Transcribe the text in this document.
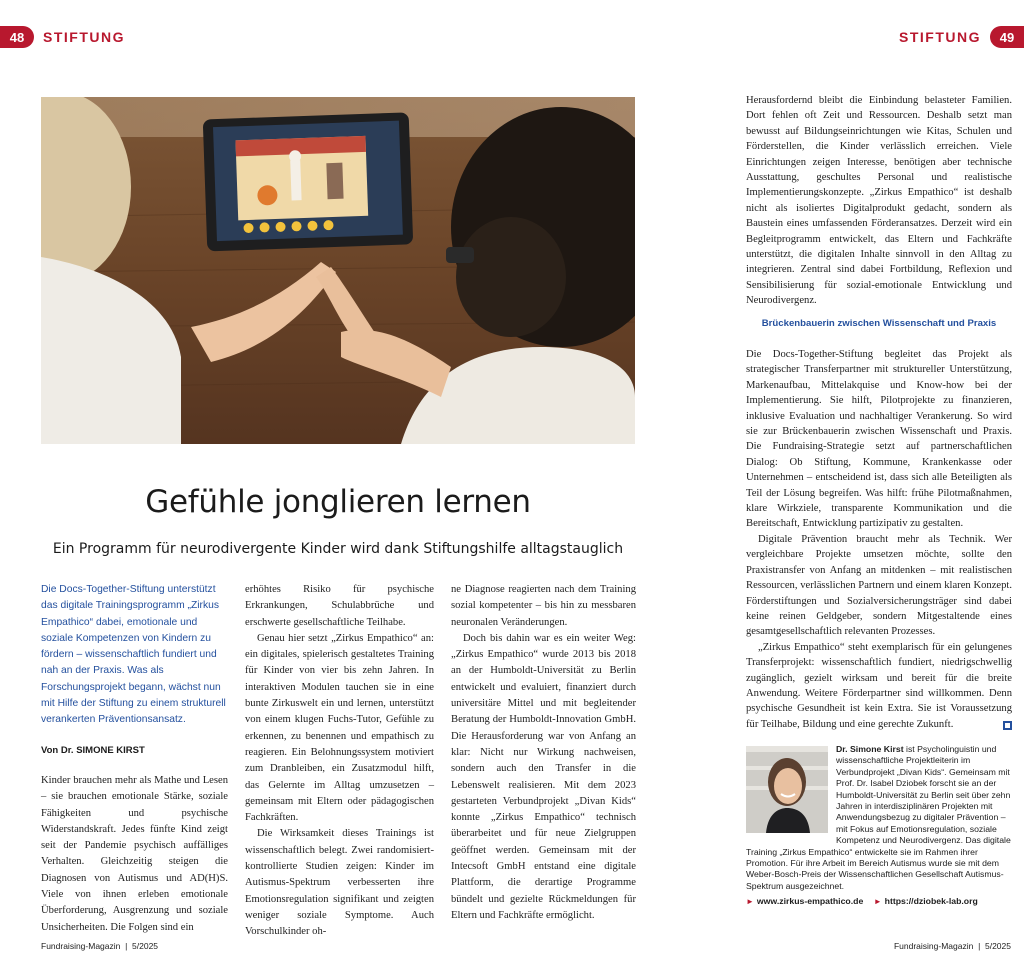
48	STIFTUNG	STIFTUNG	49
Gefühle jonglieren lernen
Ein Programm für neurodivergente Kinder wird dank Stiftungshilfe alltagstauglich

Die Docs-Together-Stiftung unterstützt das digitale Trainingsprogramm „Zirkus Empathico“ dabei, emotionale und soziale Kompetenzen von Kindern zu fördern – wissenschaftlich fundiert und nah an der Praxis. Was als Forschungsprojekt begann, wächst nun mit Hilfe der Stiftung zu einem strukturell verankerten Präventionsansatz.

Von Dr. SIMONE KIRST

Kinder brauchen mehr als Mathe und Lesen – sie brauchen emotionale Stärke, soziale Fähigkeiten und psychische Widerstandskraft. Jedes fünfte Kind zeigt seit der Pandemie psychisch auffälliges Verhalten. Gleichzeitig steigen die Diagnosen von Autismus und AD(H)S. Viele von ihnen erleben emotionale Überforderung, Ausgrenzung und soziale Unsicherheiten. Die Folgen sind ein

erhöhtes Risiko für psychische Erkrankungen, Schulabbrüche und erschwerte gesellschaftliche Teilhabe.

Genau hier setzt „Zirkus Empathico“ an: ein digitales, spielerisch gestaltetes Training für Kinder von vier bis zehn Jahren. In interaktiven Modulen tauchen sie in eine bunte Zirkuswelt ein und lernen, unterstützt von einem klugen Fuchs-Tutor, Gefühle zu erkennen, zu benennen und empathisch zu reagieren. Ein Belohnungssystem motiviert zum Dranbleiben, ein Zusatzmodul hilft, das Gelernte im Alltag umzusetzen – gemeinsam mit Eltern oder pädagogischen Fachkräften.

Die Wirksamkeit dieses Trainings ist wissenschaftlich belegt. Zwei randomisiert-kontrollierte Studien zeigen: Kinder im Autismus-Spektrum verbesserten ihre Emotionsregulation signifikant und zeigten weniger soziale Symptome. Auch Vorschulkinder oh-

ne Diagnose reagierten nach dem Training sozial kompetenter – bis hin zu messbaren neuronalen Veränderungen.

Doch bis dahin war es ein weiter Weg: „Zirkus Empathico“ wurde 2013 bis 2018 an der Humboldt-Universität zu Berlin entwickelt und evaluiert, finanziert durch universitäre Mittel und mit begleitender Beratung der Humboldt-Innovation GmbH. Die Herausforderung war von Anfang an klar: Nicht nur Wirkung nachweisen, sondern auch den Transfer in die Lebenswelt realisieren. Mit dem 2023 gestarteten Verbundprojekt „Divan Kids“ konnte „Zirkus Empathico“ technisch überarbeitet und für neue Zielgruppen geöffnet werden. Gemeinsam mit der Intecsoft GmbH entstand eine digitale Plattform, die derartige Programme bündelt und gezielte Rückmeldungen für Eltern und Fachkräfte ermöglicht.

Herausfordernd bleibt die Einbindung belasteter Familien. Dort fehlen oft Zeit und Ressourcen. Deshalb setzt man bewusst auf Bildungseinrichtungen wie Kitas, Schulen und Förderstellen, die Kinder verlässlich erreichen. Viele Einrichtungen zeigen Interesse, benötigen aber technische Ausstattung, geschultes Personal und realistische Implementierungskonzepte. „Zirkus Empathico“ ist deshalb nicht als isoliertes Digitalprodukt gedacht, sondern als Baustein eines umfassenden Förderansatzes. Derzeit wird ein Begleitprogramm entwickelt, das Eltern und Fachkräfte unterstützt, die digitalen Inhalte sinnvoll in den Alltag zu integrieren. Zentral sind dabei Fortbildung, Reflexion und Sensibilisierung für sozial-emotionale Entwicklung und Neurodivergenz.

Brückenbauerin zwischen Wissenschaft und Praxis

Die Docs-Together-Stiftung begleitet das Projekt als strategischer Transferpartner mit struktureller Unterstützung, Markenaufbau, Mittelakquise und Know-how bei der Implementierung. Sie hilft, Pilotprojekte zu finanzieren, inklusive Evaluation und nachhaltiger Verankerung. So wird sie zur Brückenbauerin zwischen Wissenschaft und Praxis. Die Fundraising-Strategie setzt auf partnerschaftlichen Dialog: Ob Stiftung, Kommune, Krankenkasse oder Unternehmen – entscheidend ist, dass sich alle Beteiligten als Teil der Lösung begreifen. Was hilft: frühe Pilotmaßnahmen, klare Wirkziele, transparente Kommunikation und die Bereitschaft, Entwicklung partizipativ zu gestalten.

Digitale Prävention braucht mehr als Technik. Wer vergleichbare Projekte umsetzen möchte, sollte den Praxistransfer von Anfang an mitdenken – mit realistischen Ressourcen, verlässlichen Partnern und einem klaren Konzept. Förderstiftungen und Sozialversicherungsträger sind dabei keine reinen Geldgeber, sondern Mitgestaltende eines gesamtgesellschaftlich relevanten Prozesses.

„Zirkus Empathico“ steht exemplarisch für ein gelungenes Transferprojekt: wissenschaftlich fundiert, niedrigschwellig zugänglich, gezielt wirksam und bereit für die breite Anwendung. Weitere Förderpartner sind willkommen. Denn psychische Gesundheit ist kein Extra. Sie ist Voraussetzung für Teilhabe, Bildung und eine gerechte Zukunft.

Dr. Simone Kirst ist Psycholinguistin und wissenschaftliche Projektleiterin im Verbundprojekt „Divan Kids“. Gemeinsam mit Prof. Dr. Isabel Dziobek forscht sie an der Humboldt-Universität zu Berlin seit über zehn Jahren in interdisziplinären Projekten mit Anwendungsbezug zu digitaler Prävention – mit Fokus auf Emotionsregulation, soziale Kompetenz und Neurodivergenz. Das digitale Training „Zirkus Empathico“ entwickelte sie im Rahmen ihrer Promotion. Für ihre Arbeit im Bereich Autismus wurde sie mit dem Weber-Bosch-Preis der Wissenschaftlichen Gesellschaft Autismus-Spektrum ausgezeichnet.
► www.zirkus-empathico.de ► https://dziobek-lab.org
Fundraising-Magazin  |  5/2025	Fundraising-Magazin  |  5/2025
